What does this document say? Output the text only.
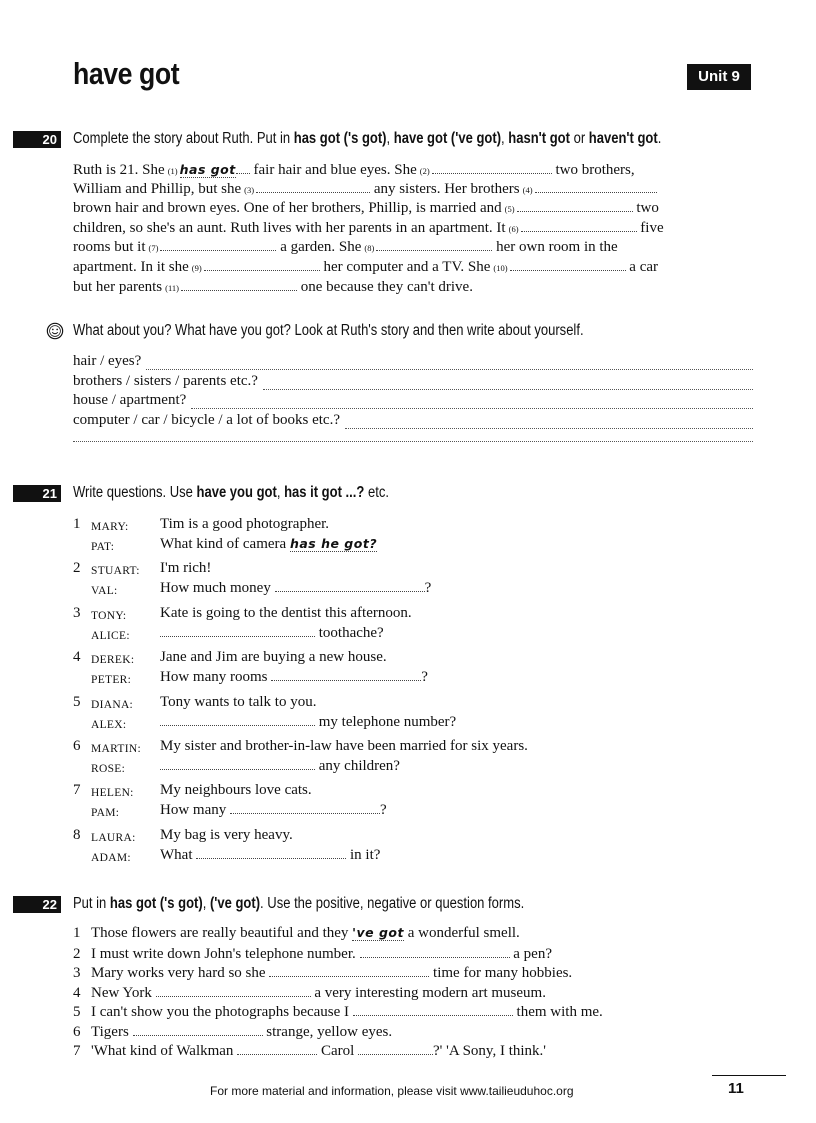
have got	Unit 9
20 Complete the story about Ruth. Put in has got ('s got), have got ('ve got), hasn't got or haven't got.

Ruth is 21. She (1) has got fair hair and blue eyes. She (2)	two brothers,
William and Phillip, but she (3)	any sisters. Her brothers (4)
brown hair and brown eyes. One of her brothers, Phillip, is married and (5)	two
children, so she's an aunt. Ruth lives with her parents in an apartment. It (6)	five
rooms but it (7)	a garden. She (8)	her own room in the
apartment. In it she (9)	her computer and a TV. She (10)	a car
but her parents (11)	one because they can't drive.

What about you? What have you got? Look at Ruth's story and then write about yourself.

hair / eyes?
brothers / sisters / parents etc.?
house / apartment?
computer / car / bicycle / a lot of books etc.?
21 Write questions. Use have you got, has it got ...? etc.

1 MARY:	Tim is a good photographer.
PAT:	What kind of camera has he got?
2 STUART:	I'm rich!
VAL:	How much money	?
3 TONY:	Kate is going to the dentist this afternoon.
ALICE:	toothache?
4 DEREK:	Jane and Jim are buying a new house.
PETER:	How many rooms	?
5 DIANA:	Tony wants to talk to you.
ALEX:	my telephone number?
6 MARTIN:	My sister and brother-in-law have been married for six years.
ROSE:	any children?
7 HELEN:	My neighbours love cats.
PAM:	How many	?
8 LAURA:	My bag is very heavy.
ADAM:	What	in it?
22 Put in has got ('s got), ('ve got). Use the positive, negative or question forms.

1 Those flowers are really beautiful and they 've got a wonderful smell.
2 I must write down John's telephone number.	a pen?
3 Mary works very hard so she	time for many hobbies.
4 New York	a very interesting modern art museum.
5 I can't show you the photographs because I	them with me.
6 Tigers	strange, yellow eyes.
7 'What kind of Walkman	Carol	?' 'A Sony, I think.'
For more material and information, please visit www.tailieuduhoc.org	11
